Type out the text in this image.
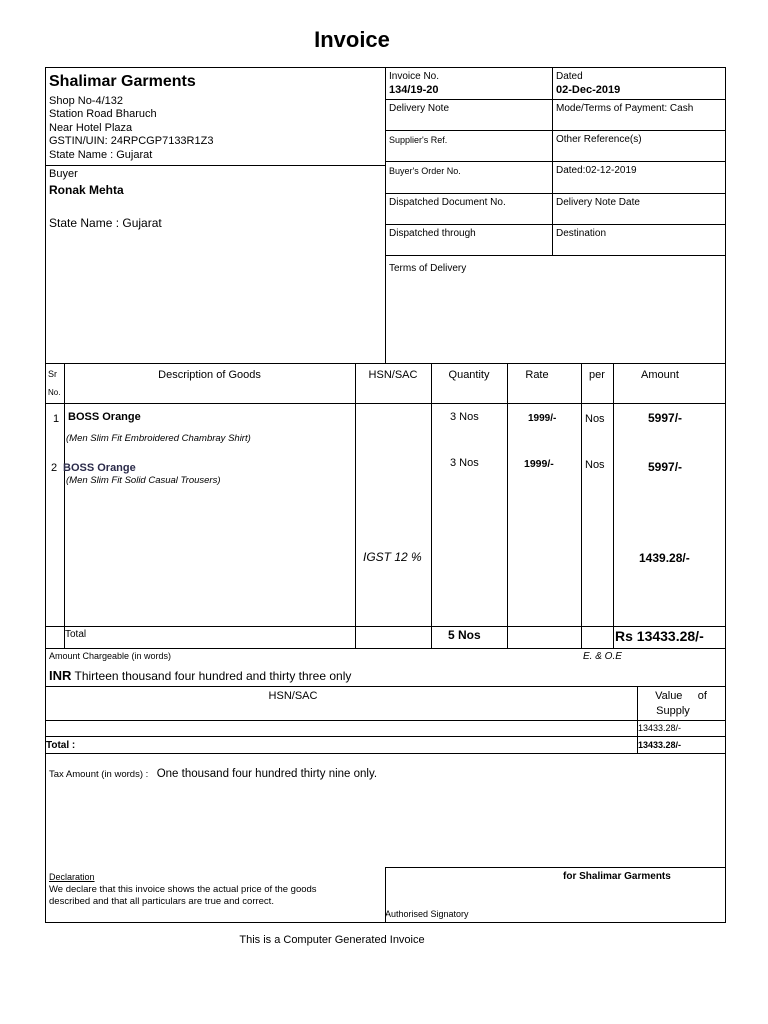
Invoice
Shalimar Garments
Shop No-4/132
Station Road Bharuch
Near Hotel Plaza
GSTIN/UIN: 24RPCGP7133R1Z3
State Name : Gujarat
Buyer
Ronak Mehta
State Name : Gujarat
Invoice No.
134/19-20
Dated
02-Dec-2019
Delivery Note	Mode/Terms of Payment: Cash
Supplier's Ref.	Other Reference(s)
Buyer's Order No.	Dated:02-12-2019
Dispatched Document No.	Delivery Note Date
Dispatched through	Destination
Terms of Delivery
Sr
No.
Description of Goods	HSN/SAC	Quantity	Rate	per	Amount
1 BOSS Orange
(Men Slim Fit Embroidered Chambray Shirt)
3 Nos	1999/-	Nos	5997/-
2 BOSS Orange
(Men Slim Fit Solid Casual Trousers)
3 Nos	1999/-	Nos	5997/-
IGST 12 %	1439.28/-
Total	5 Nos	Rs 13433.28/-
Amount Chargeable (in words)	E. & O.E
INR Thirteen thousand four hundred and thirty three only
HSN/SAC	Value     of
Supply
13433.28/-
Total :	13433.28/-
Tax Amount (in words) : One thousand four hundred thirty nine only.
Declaration
We declare that this invoice shows the actual price of the goods
described and that all particulars are true and correct.
for Shalimar Garments
Authorised Signatory
This is a Computer Generated Invoice
